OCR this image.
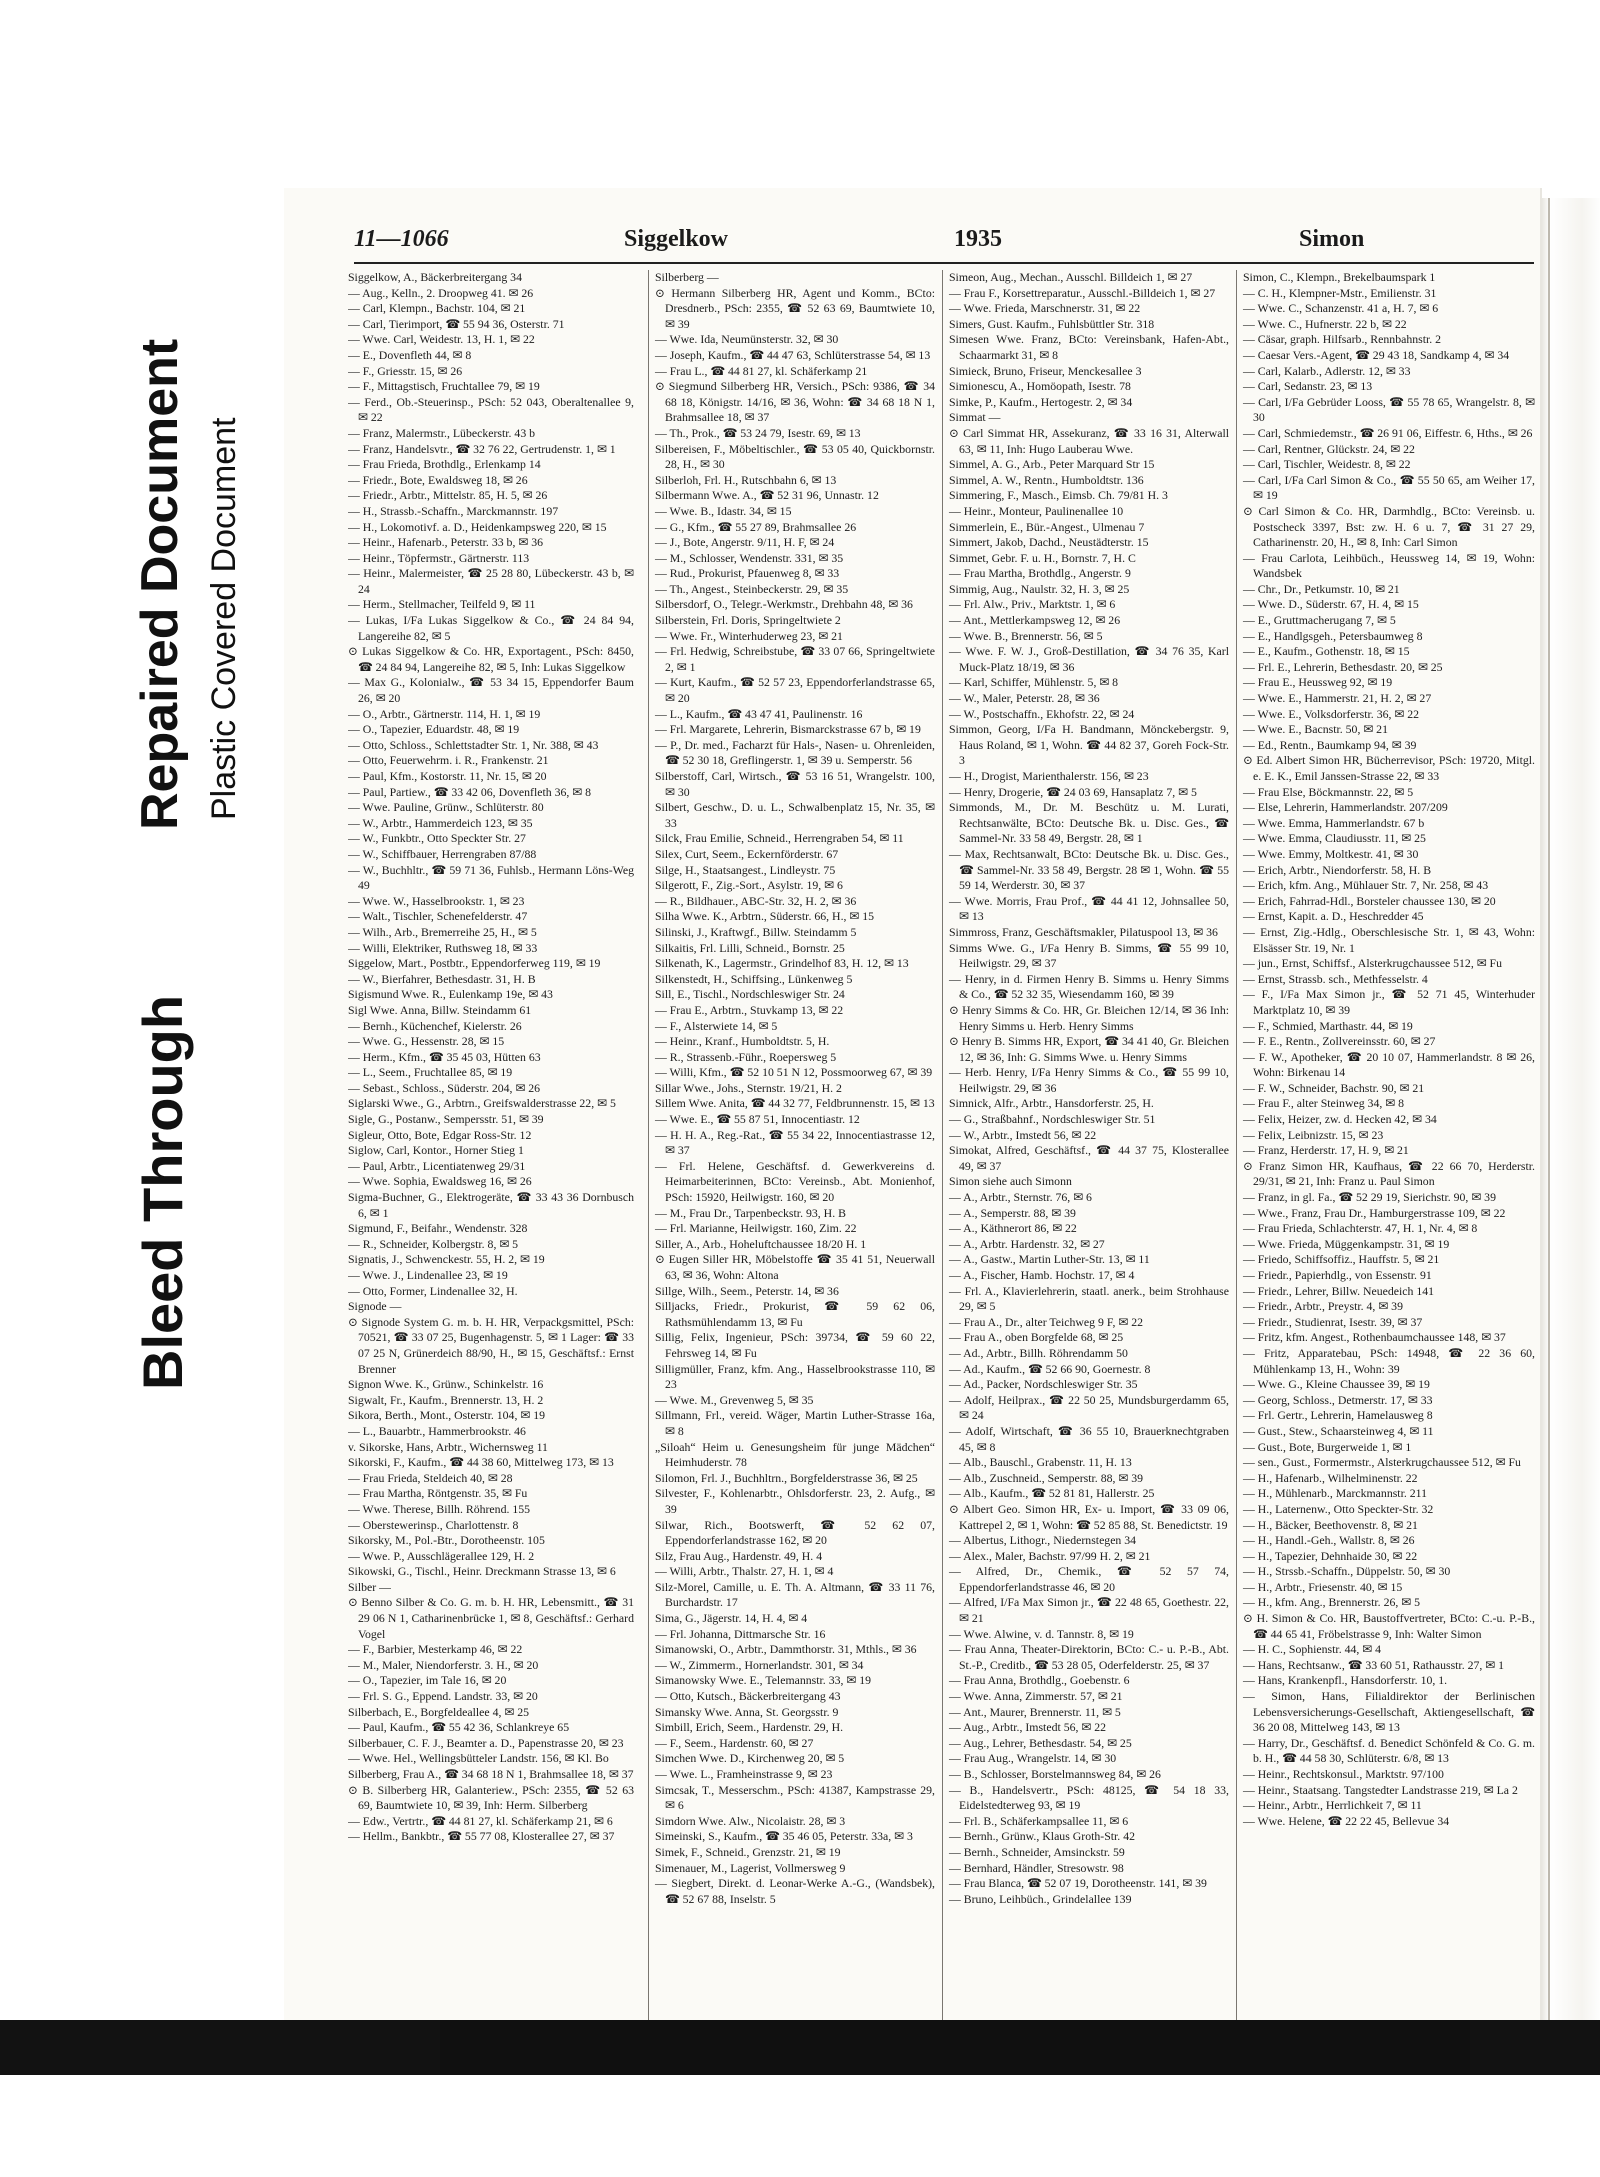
Bleed Through
Repaired Document Plastic Covered Document
11—1066	Siggelkow	1935	Simon

Siggelkow, A., Bäckerbreitergang 34

— Aug., Kelln., 2. Droopweg 41. ✉ 26

— Carl, Klempn., Bachstr. 104, ✉ 21

— Carl, Tierimport, ☎ 55 94 36, Osterstr. 71

— Wwe. Carl, Weidestr. 13, H. 1, ✉ 22

— E., Dovenfleth 44, ✉ 8

— F., Griesstr. 15, ✉ 26

— F., Mittagstisch, Fruchtallee 79, ✉ 19

— Ferd., Ob.-Steuerinsp., PSch: 52 043, Oberaltenallee 9, ✉ 22

— Franz, Malermstr., Lübeckerstr. 43 b

— Franz, Handelsvtr., ☎ 32 76 22, Gertrudenstr. 1, ✉ 1

— Frau Frieda, Brothdlg., Erlenkamp 14

— Friedr., Bote, Ewaldsweg 18, ✉ 26

— Friedr., Arbtr., Mittelstr. 85, H. 5, ✉ 26

— H., Strassb.-Schaffn., Marckmannstr. 197

— H., Lokomotivf. a. D., Heidenkampsweg 220, ✉ 15

— Heinr., Hafenarb., Peterstr. 33 b, ✉ 36

— Heinr., Töpfermstr., Gärtnerstr. 113

— Heinr., Malermeister, ☎ 25 28 80, Lübeckerstr. 43 b, ✉ 24

— Herm., Stellmacher, Teilfeld 9, ✉ 11

— Lukas, I/Fa Lukas Siggelkow & Co., ☎ 24 84 94, Langereihe 82, ✉ 5

⊙ Lukas Siggelkow & Co. HR, Exportagent., PSch: 8450, ☎ 24 84 94, Langereihe 82, ✉ 5, Inh: Lukas Siggelkow

— Max G., Kolonialw., ☎ 53 34 15, Eppendorfer Baum 26, ✉ 20

— O., Arbtr., Gärtnerstr. 114, H. 1, ✉ 19

— O., Tapezier, Eduardstr. 48, ✉ 19

— Otto, Schloss., Schlettstadter Str. 1, Nr. 388, ✉ 43

— Otto, Feuerwehrm. i. R., Frankenstr. 21

— Paul, Kfm., Kostorstr. 11, Nr. 15, ✉ 20

— Paul, Partiew., ☎ 33 42 06, Dovenfleth 36, ✉ 8

— Wwe. Pauline, Grünw., Schlüterstr. 80

— W., Arbtr., Hammerdeich 123, ✉ 35

— W., Funkbtr., Otto Speckter Str. 27

— W., Schiffbauer, Herrengraben 87/88

— W., Buchhltr., ☎ 59 71 36, Fuhlsb., Hermann Löns-Weg 49

— Wwe. W., Hasselbrookstr. 1, ✉ 23

— Walt., Tischler, Schenefelderstr. 47

— Wilh., Arb., Bremerreihe 25, H., ✉ 5

— Willi, Elektriker, Ruthsweg 18, ✉ 33

Siggelow, Mart., Postbtr., Eppendorferweg 119, ✉ 19

— W., Bierfahrer, Bethesdastr. 31, H. B

Sigismund Wwe. R., Eulenkamp 19e, ✉ 43

Sigl Wwe. Anna, Billw. Steindamm 61

— Bernh., Küchenchef, Kielerstr. 26

— Wwe. G., Hessenstr. 28, ✉ 15

— Herm., Kfm., ☎ 35 45 03, Hütten 63

— L., Seem., Fruchtallee 85, ✉ 19

— Sebast., Schloss., Süderstr. 204, ✉ 26

Siglarski Wwe., G., Arbtrn., Greifswalderstrasse 22, ✉ 5

Sigle, G., Postanw., Sempersstr. 51, ✉ 39

Sigleur, Otto, Bote, Edgar Ross-Str. 12

Siglow, Carl, Kontor., Horner Stieg 1

— Paul, Arbtr., Licentiatenweg 29/31

— Wwe. Sophia, Ewaldsweg 16, ✉ 26

Sigma-Buchner, G., Elektrogeräte, ☎ 33 43 36 Dornbusch 6, ✉ 1

Sigmund, F., Beifahr., Wendenstr. 328

— R., Schneider, Kolbergstr. 8, ✉ 5

Signatis, J., Schwenckestr. 55, H. 2, ✉ 19

— Wwe. J., Lindenallee 23, ✉ 19

— Otto, Former, Lindenallee 32, H.

Signode —

⊙ Signode System G. m. b. H. HR, Verpackgsmittel, PSch: 70521, ☎ 33 07 25, Bugenhagenstr. 5, ✉ 1 Lager: ☎ 33 07 25 N, Grünerdeich 88/90, H., ✉ 15, Geschäftsf.: Ernst Brenner

Signon Wwe. K., Grünw., Schinkelstr. 16

Sigwalt, Fr., Kaufm., Brennerstr. 13, H. 2

Sikora, Berth., Mont., Osterstr. 104, ✉ 19

— L., Bauarbtr., Hammerbrookstr. 46

v. Sikorske, Hans, Arbtr., Wichernsweg 11

Sikorski, F., Kaufm., ☎ 44 38 60, Mittelweg 173, ✉ 13

— Frau Frieda, Steldeich 40, ✉ 28

— Frau Martha, Röntgenstr. 35, ✉ Fu

— Wwe. Therese, Billh. Röhrend. 155

— Oberstewerinsp., Charlottenstr. 8

Sikorsky, M., Pol.-Btr., Dorotheenstr. 105

— Wwe. P., Ausschlägerallee 129, H. 2

Sikowski, G., Tischl., Heinr. Dreckmann Strasse 13, ✉ 6

Silber —

⊙ Benno Silber & Co. G. m. b. H. HR, Lebensmitt., ☎ 31 29 06 N 1, Catharinenbrücke 1, ✉ 8, Geschäftsf.: Gerhard Vogel

— F., Barbier, Mesterkamp 46, ✉ 22

— M., Maler, Niendorferstr. 3. H., ✉ 20

— O., Tapezier, im Tale 16, ✉ 20

— Frl. S. G., Eppend. Landstr. 33, ✉ 20

Silberbach, E., Borgfeldeallee 4, ✉ 25

— Paul, Kaufm., ☎ 55 42 36, Schlankreye 65

Silberbauer, C. F. J., Beamter a. D., Papenstrasse 20, ✉ 23

— Wwe. Hel., Wellingsbütteler Landstr. 156, ✉ Kl. Bo

Silberberg, Frau A., ☎ 34 68 18 N 1, Brahmsallee 18, ✉ 37

⊙ B. Silberberg HR, Galanteriew., PSch: 2355, ☎ 52 63 69, Baumtwiete 10, ✉ 39, Inh: Herm. Silberberg

— Edw., Vertrtr., ☎ 44 81 27, kl. Schäferkamp 21, ✉ 6

— Hellm., Bankbtr., ☎ 55 77 08, Klosterallee 27, ✉ 37

Silberberg —

⊙ Hermann Silberberg HR, Agent und Komm., BCto: Dresdnerb., PSch: 2355, ☎ 52 63 69, Baumtwiete 10, ✉ 39

— Wwe. Ida, Neumünsterstr. 32, ✉ 30

— Joseph, Kaufm., ☎ 44 47 63, Schlüterstrasse 54, ✉ 13

— Frau L., ☎ 44 81 27, kl. Schäferkamp 21

⊙ Siegmund Silberberg HR, Versich., PSch: 9386, ☎ 34 68 18, Königstr. 14/16, ✉ 36, Wohn: ☎ 34 68 18 N 1, Brahmsallee 18, ✉ 37

— Th., Prok., ☎ 53 24 79, Isestr. 69, ✉ 13

Silbereisen, F., Möbeltischler., ☎ 53 05 40, Quickbornstr. 28, H., ✉ 30

Silberloh, Frl. H., Rutschbahn 6, ✉ 13

Silbermann Wwe. A., ☎ 52 31 96, Unnastr. 12

— Wwe. B., Idastr. 34, ✉ 15

— G., Kfm., ☎ 55 27 89, Brahmsallee 26

— J., Bote, Angerstr. 9/11, H. F, ✉ 24

— M., Schlosser, Wendenstr. 331, ✉ 35

— Rud., Prokurist, Pfauenweg 8, ✉ 33

— Th., Angest., Steinbeckerstr. 29, ✉ 35

Silbersdorf, O., Telegr.-Werkmstr., Drehbahn 48, ✉ 36

Silberstein, Frl. Doris, Springeltwiete 2

— Wwe. Fr., Winterhuderweg 23, ✉ 21

— Frl. Hedwig, Schreibstube, ☎ 33 07 66, Springeltwiete 2, ✉ 1

— Kurt, Kaufm., ☎ 52 57 23, Eppendorferlandstrasse 65, ✉ 20

— L., Kaufm., ☎ 43 47 41, Paulinenstr. 16

— Frl. Margarete, Lehrerin, Bismarckstrasse 67 b, ✉ 19

— P., Dr. med., Facharzt für Hals-, Nasen- u. Ohrenleiden, ☎ 52 30 18, Greflingerstr. 1, ✉ 39 u. Semperstr. 56

Silberstoff, Carl, Wirtsch., ☎ 53 16 51, Wrangelstr. 100, ✉ 30

Silbert, Geschw., D. u. L., Schwalbenplatz 15, Nr. 35, ✉ 33

Silck, Frau Emilie, Schneid., Herrengraben 54, ✉ 11

Silex, Curt, Seem., Eckernförderstr. 67

Silge, H., Staatsangest., Lindleystr. 75

Silgerott, F., Zig.-Sort., Asylstr. 19, ✉ 6

— R., Bildhauer., ABC-Str. 32, H. 2, ✉ 36

Silha Wwe. K., Arbtrn., Süderstr. 66, H., ✉ 15

Silinski, J., Kraftwgf., Billw. Steindamm 5

Silkaitis, Frl. Lilli, Schneid., Bornstr. 25

Silkenath, K., Lagermstr., Grindelhof 83, H. 12, ✉ 13

Silkenstedt, H., Schiffsing., Lünkenweg 5

Sill, E., Tischl., Nordschleswiger Str. 24

— Frau E., Arbtrn., Stuvkamp 13, ✉ 22

— F., Alsterwiete 14, ✉ 5

— Heinr., Kranf., Humboldtstr. 5, H.

— R., Strassenb.-Führ., Roepersweg 5

— Willi, Kfm., ☎ 52 10 51 N 12, Possmoorweg 67, ✉ 39

Sillar Wwe., Johs., Sternstr. 19/21, H. 2

Sillem Wwe. Anita, ☎ 44 32 77, Feldbrunnenstr. 15, ✉ 13

— Wwe. E., ☎ 55 87 51, Innocentiastr. 12

— H. H. A., Reg.-Rat., ☎ 55 34 22, Innocentiastrasse 12, ✉ 37

— Frl. Helene, Geschäftsf. d. Gewerkvereins d. Heimarbeiterinnen, BCto: Vereinsb., Abt. Monienhof, PSch: 15920, Heilwigstr. 160, ✉ 20

— M., Frau Dr., Tarpenbeckstr. 93, H. B

— Frl. Marianne, Heilwigstr. 160, Zim. 22

Siller, A., Arb., Hoheluftchaussee 18/20 H. 1

⊙ Eugen Siller HR, Möbelstoffe ☎ 35 41 51, Neuerwall 63, ✉ 36, Wohn: Altona

Sillge, Wilh., Seem., Peterstr. 14, ✉ 36

Silljacks, Friedr., Prokurist, ☎ 59 62 06, Rathsmühlendamm 13, ✉ Fu

Sillig, Felix, Ingenieur, PSch: 39734, ☎ 59 60 22, Fehrsweg 14, ✉ Fu

Silligmüller, Franz, kfm. Ang., Hasselbrookstrasse 110, ✉ 23

— Wwe. M., Grevenweg 5, ✉ 35

Sillmann, Frl., vereid. Wäger, Martin Luther-Strasse 16a, ✉ 8

„Siloah“ Heim u. Genesungsheim für junge Mädchen“ Heimhuderstr. 78

Silomon, Frl. J., Buchhltrn., Borgfelderstrasse 36, ✉ 25

Silvester, F., Kohlenarbtr., Ohlsdorferstr. 23, 2. Aufg., ✉ 39

Silwar, Rich., Bootswerft, ☎ 52 62 07, Eppendorferlandstrasse 162, ✉ 20

Silz, Frau Aug., Hardenstr. 49, H. 4

— Willi, Arbtr., Thalstr. 27, H. 1, ✉ 4

Silz-Morel, Camille, u. E. Th. A. Altmann, ☎ 33 11 76, Burchardstr. 17

Sima, G., Jägerstr. 14, H. 4, ✉ 4

— Frl. Johanna, Dittmarsche Str. 16

Simanowski, O., Arbtr., Dammthorstr. 31, Mthls., ✉ 36

— W., Zimmerm., Hornerlandstr. 301, ✉ 34

Simanowsky Wwe. E., Telemannstr. 33, ✉ 19

— Otto, Kutsch., Bäckerbreitergang 43

Simansky Wwe. Anna, St. Georgsstr. 9

Simbill, Erich, Seem., Hardenstr. 29, H.

— F., Seem., Hardenstr. 60, ✉ 27

Simchen Wwe. D., Kirchenweg 20, ✉ 5

— Wwe. L., Framheinstrasse 9, ✉ 23

Simcsak, T., Messerschm., PSch: 41387, Kampstrasse 29, ✉ 6

Simdorn Wwe. Alw., Nicolaistr. 28, ✉ 3

Simeinski, S., Kaufm., ☎ 35 46 05, Peterstr. 33a, ✉ 3

Simek, F., Schneid., Grenzstr. 21, ✉ 19

Simenauer, M., Lagerist, Vollmersweg 9

— Siegbert, Direkt. d. Leonar-Werke A.-G., (Wandsbek), ☎ 52 67 88, Inselstr. 5

Simeon, Aug., Mechan., Ausschl. Billdeich 1, ✉ 27

— Frau F., Korsettreparatur., Ausschl.-Billdeich 1, ✉ 27

— Wwe. Frieda, Marschnerstr. 31, ✉ 22

Simers, Gust. Kaufm., Fuhlsbüttler Str. 318

Simesen Wwe. Franz, BCto: Vereinsbank, Hafen-Abt., Schaarmarkt 31, ✉ 8

Simieck, Bruno, Friseur, Menckesallee 3

Simionescu, A., Homöopath, Isestr. 78

Simke, P., Kaufm., Hertogestr. 2, ✉ 34

Simmat —

⊙ Carl Simmat HR, Assekuranz, ☎ 33 16 31, Alterwall 63, ✉ 11, Inh: Hugo Lauberau Wwe.

Simmel, A. G., Arb., Peter Marquard Str 15

Simmel, A. W., Rentn., Humboldtstr. 136

Simmering, F., Masch., Eimsb. Ch. 79/81 H. 3

— Heinr., Monteur, Paulinenallee 10

Simmerlein, E., Bür.-Angest., Ulmenau 7

Simmert, Jakob, Dachd., Neustädterstr. 15

Simmet, Gebr. F. u. H., Bornstr. 7, H. C

— Frau Martha, Brothdlg., Angerstr. 9

Simmig, Aug., Naulstr. 32, H. 3, ✉ 25

— Frl. Alw., Priv., Marktstr. 1, ✉ 6

— Ant., Mettlerkampsweg 12, ✉ 26

— Wwe. B., Brennerstr. 56, ✉ 5

— Wwe. F. W. J., Groß-Destillation, ☎ 34 76 35, Karl Muck-Platz 18/19, ✉ 36

— Karl, Schiffer, Mühlenstr. 5, ✉ 8

— W., Maler, Peterstr. 28, ✉ 36

— W., Postschaffn., Ekhofstr. 22, ✉ 24

Simmon, Georg, I/Fa H. Bandmann, Mönckebergstr. 9, Haus Roland, ✉ 1, Wohn. ☎ 44 82 37, Goreh Fock-Str. 3

— H., Drogist, Marienthalerstr. 156, ✉ 23

— Henry, Drogerie, ☎ 24 03 69, Hansaplatz 7, ✉ 5

Simmonds, M., Dr. M. Beschütz u. M. Lurati, Rechtsanwälte, BCto: Deutsche Bk. u. Disc. Ges., ☎ Sammel-Nr. 33 58 49, Bergstr. 28, ✉ 1

— Max, Rechtsanwalt, BCto: Deutsche Bk. u. Disc. Ges., ☎ Sammel-Nr. 33 58 49, Bergstr. 28 ✉ 1, Wohn. ☎ 55 59 14, Werderstr. 30, ✉ 37

— Wwe. Morris, Frau Prof., ☎ 44 41 12, Johnsallee 50, ✉ 13

Simmross, Franz, Geschäftsmakler, Pilatuspool 13, ✉ 36

Simms Wwe. G., I/Fa Henry B. Simms, ☎ 55 99 10, Heilwigstr. 29, ✉ 37

— Henry, in d. Firmen Henry B. Simms u. Henry Simms & Co., ☎ 52 32 35, Wiesendamm 160, ✉ 39

⊙ Henry Simms & Co. HR, Gr. Bleichen 12/14, ✉ 36 Inh: Henry Simms u. Herb. Henry Simms

⊙ Henry B. Simms HR, Export, ☎ 34 41 40, Gr. Bleichen 12, ✉ 36, Inh: G. Simms Wwe. u. Henry Simms

— Herb. Henry, I/Fa Henry Simms & Co., ☎ 55 99 10, Heilwigstr. 29, ✉ 36

Simnick, Alfr., Arbtr., Hansdorferstr. 25, H.

— G., Straßbahnf., Nordschleswiger Str. 51

— W., Arbtr., Imstedt 56, ✉ 22

Simokat, Alfred, Geschäftsf., ☎ 44 37 75, Klosterallee 49, ✉ 37

Simon siehe auch Simonn

— A., Arbtr., Sternstr. 76, ✉ 6

— A., Semperstr. 88, ✉ 39

— A., Käthnerort 86, ✉ 22

— A., Arbtr. Hardenstr. 32, ✉ 27

— A., Gastw., Martin Luther-Str. 13, ✉ 11

— A., Fischer, Hamb. Hochstr. 17, ✉ 4

— Frl. A., Klavierlehrerin, staatl. anerk., beim Strohhause 29, ✉ 5

— Frau A., Dr., alter Teichweg 9 F, ✉ 22

— Frau A., oben Borgfelde 68, ✉ 25

— Ad., Arbtr., Billh. Röhrendamm 50

— Ad., Kaufm., ☎ 52 66 90, Goernestr. 8

— Ad., Packer, Nordschleswiger Str. 35

— Adolf, Heilprax., ☎ 22 50 25, Mundsburgerdamm 65, ✉ 24

— Adolf, Wirtschaft, ☎ 36 55 10, Brauerknechtgraben 45, ✉ 8

— Alb., Bauschl., Grabenstr. 11, H. 13

— Alb., Zuschneid., Semperstr. 88, ✉ 39

— Alb., Kaufm., ☎ 52 81 81, Hallerstr. 25

⊙ Albert Geo. Simon HR, Ex- u. Import, ☎ 33 09 06, Kattrepel 2, ✉ 1, Wohn: ☎ 52 85 88, St. Benedictstr. 19

— Albertus, Lithogr., Niedernstegen 34

— Alex., Maler, Bachstr. 97/99 H. 2, ✉ 21

— Alfred, Dr., Chemik., ☎ 52 57 74, Eppendorferlandstrasse 46, ✉ 20

— Alfred, I/Fa Max Simon jr., ☎ 22 48 65, Goethestr. 22, ✉ 21

— Wwe. Alwine, v. d. Tannstr. 8, ✉ 19

— Frau Anna, Theater-Direktorin, BCto: C.- u. P.-B., Abt. St.-P., Creditb., ☎ 53 28 05, Oderfelderstr. 25, ✉ 37

— Frau Anna, Brothdlg., Goebenstr. 6

— Wwe. Anna, Zimmerstr. 57, ✉ 21

— Ant., Maurer, Brennerstr. 11, ✉ 5

— Aug., Arbtr., Imstedt 56, ✉ 22

— Aug., Lehrer, Bethesdastr. 54, ✉ 25

— Frau Aug., Wrangelstr. 14, ✉ 30

— B., Schlosser, Borstelmannsweg 84, ✉ 26

— B., Handelsvertr., PSch: 48125, ☎ 54 18 33, Eidelstedterweg 93, ✉ 19

— Frl. B., Schäferkampsallee 11, ✉ 6

— Bernh., Grünw., Klaus Groth-Str. 42

— Bernh., Schneider, Amsinckstr. 59

— Bernhard, Händler, Stresowstr. 98

— Frau Blanca, ☎ 52 07 19, Dorotheenstr. 141, ✉ 39

— Bruno, Leihbüch., Grindelallee 139

Simon, C., Klempn., Brekelbaumspark 1

— C. H., Klempner-Mstr., Emilienstr. 31

— Wwe. C., Schanzenstr. 41 a, H. 7, ✉ 6

— Wwe. C., Hufnerstr. 22 b, ✉ 22

— Cäsar, graph. Hilfsarb., Rennbahnstr. 2

— Caesar Vers.-Agent, ☎ 29 43 18, Sandkamp 4, ✉ 34

— Carl, Kalarb., Adlerstr. 12, ✉ 33

— Carl, Sedanstr. 23, ✉ 13

— Carl, I/Fa Gebrüder Looss, ☎ 55 78 65, Wrangelstr. 8, ✉ 30

— Carl, Schmiedemstr., ☎ 26 91 06, Eiffestr. 6, Hths., ✉ 26

— Carl, Rentner, Glückstr. 24, ✉ 22

— Carl, Tischler, Weidestr. 8, ✉ 22

— Carl, I/Fa Carl Simon & Co., ☎ 55 50 65, am Weiher 17, ✉ 19

⊙ Carl Simon & Co. HR, Darmhdlg., BCto: Vereinsb. u. Postscheck 3397, Bst: zw. H. 6 u. 7, ☎ 31 27 29, Catharinenstr. 20, H., ✉ 8, Inh: Carl Simon

— Frau Carlota, Leihbüch., Heussweg 14, ✉ 19, Wohn: Wandsbek

— Chr., Dr., Petkumstr. 10, ✉ 21

— Wwe. D., Süderstr. 67, H. 4, ✉ 15

— E., Gruttmacherugang 7, ✉ 5

— E., Handlgsgeh., Petersbaumweg 8

— E., Kaufm., Gothenstr. 18, ✉ 15

— Frl. E., Lehrerin, Bethesdastr. 20, ✉ 25

— Frau E., Heussweg 92, ✉ 19

— Wwe. E., Hammerstr. 21, H. 2, ✉ 27

— Wwe. E., Volksdorferstr. 36, ✉ 22

— Wwe. E., Bacnstr. 50, ✉ 21

— Ed., Rentn., Baumkamp 94, ✉ 39

⊙ Ed. Albert Simon HR, Bücherrevisor, PSch: 19720, Mitgl. e. E. K., Emil Janssen-Strasse 22, ✉ 33

— Frau Else, Böckmannstr. 22, ✉ 5

— Else, Lehrerin, Hammerlandstr. 207/209

— Wwe. Emma, Hammerlandstr. 67 b

— Wwe. Emma, Claudiusstr. 11, ✉ 25

— Wwe. Emmy, Moltkestr. 41, ✉ 30

— Erich, Arbtr., Niendorferstr. 58, H. B

— Erich, kfm. Ang., Mühlauer Str. 7, Nr. 258, ✉ 43

— Erich, Fahrrad-Hdl., Borsteler chaussee 130, ✉ 20

— Ernst, Kapit. a. D., Heschredder 45

— Ernst, Zig.-Hdlg., Oberschlesische Str. 1, ✉ 43, Wohn: Elsässer Str. 19, Nr. 1

— jun., Ernst, Schiffsf., Alsterkrugchaussee 512, ✉ Fu

— Ernst, Strassb. sch., Methfesselstr. 4

— F., I/Fa Max Simon jr., ☎ 52 71 45, Winterhuder Marktplatz 10, ✉ 39

— F., Schmied, Marthastr. 44, ✉ 19

— F. E., Rentn., Zollvereinsstr. 60, ✉ 27

— F. W., Apotheker, ☎ 20 10 07, Hammerlandstr. 8 ✉ 26, Wohn: Birkenau 14

— F. W., Schneider, Bachstr. 90, ✉ 21

— Frau F., alter Steinweg 34, ✉ 8

— Felix, Heizer, zw. d. Hecken 42, ✉ 34

— Felix, Leibnizstr. 15, ✉ 23

— Franz, Herderstr. 17, H. 9, ✉ 21

⊙ Franz Simon HR, Kaufhaus, ☎ 22 66 70, Herderstr. 29/31, ✉ 21, Inh: Franz u. Paul Simon

— Franz, in gl. Fa., ☎ 52 29 19, Sierichstr. 90, ✉ 39

— Wwe., Franz, Frau Dr., Hamburgerstrasse 109, ✉ 22

— Frau Frieda, Schlachterstr. 47, H. 1, Nr. 4, ✉ 8

— Wwe. Frieda, Müggenkampstr. 31, ✉ 19

— Friedo, Schiffsoffiz., Hauffstr. 5, ✉ 21

— Friedr., Papierhdlg., von Essenstr. 91

— Friedr., Lehrer, Billw. Neuedeich 141

— Friedr., Arbtr., Preystr. 4, ✉ 39

— Friedr., Studienrat, Isestr. 39, ✉ 37

— Fritz, kfm. Angest., Rothenbaumchaussee 148, ✉ 37

— Fritz, Apparatebau, PSch: 14948, ☎ 22 36 60, Mühlenkamp 13, H., Wohn: 39

— Wwe. G., Kleine Chaussee 39, ✉ 19

— Georg, Schloss., Detmerstr. 17, ✉ 33

— Frl. Gertr., Lehrerin, Hamelausweg 8

— Gust., Stew., Schaarsteinweg 4, ✉ 11

— Gust., Bote, Burgerweide 1, ✉ 1

— sen., Gust., Formermstr., Alsterkrugchaussee 512, ✉ Fu

— H., Hafenarb., Wilhelminenstr. 22

— H., Mühlenarb., Marckmannstr. 211

— H., Laternenw., Otto Speckter-Str. 32

— H., Bäcker, Beethovenstr. 8, ✉ 21

— H., Handl.-Geh., Wallstr. 8, ✉ 26

— H., Tapezier, Dehnhaide 30, ✉ 22

— H., Strssb.-Schaffn., Düppelstr. 50, ✉ 30

— H., Arbtr., Friesenstr. 40, ✉ 15

— H., kfm. Ang., Brennerstr. 26, ✉ 5

⊙ H. Simon & Co. HR, Baustoffvertreter, BCto: C.-u. P.-B., ☎ 44 65 41, Fröbelstrasse 9, Inh: Walter Simon

— H. C., Sophienstr. 44, ✉ 4

— Hans, Rechtsanw., ☎ 33 60 51, Rathausstr. 27, ✉ 1

— Hans, Krankenpfl., Hansdorferstr. 10, 1.

— Simon, Hans, Filialdirektor der Berlinischen Lebensversicherungs-Gesellschaft, Aktiengesellschaft, ☎ 36 20 08, Mittelweg 143, ✉ 13

— Harry, Dr., Geschäftsf. d. Benedict Schönfeld & Co. G. m. b. H., ☎ 44 58 30, Schlüterstr. 6/8, ✉ 13

— Heinr., Rechtskonsul., Marktstr. 97/100

— Heinr., Staatsang. Tangstedter Landstrasse 219, ✉ La 2

— Heinr., Arbtr., Herrlichkeit 7, ✉ 11

— Wwe. Helene, ☎ 22 22 45, Bellevue 34
